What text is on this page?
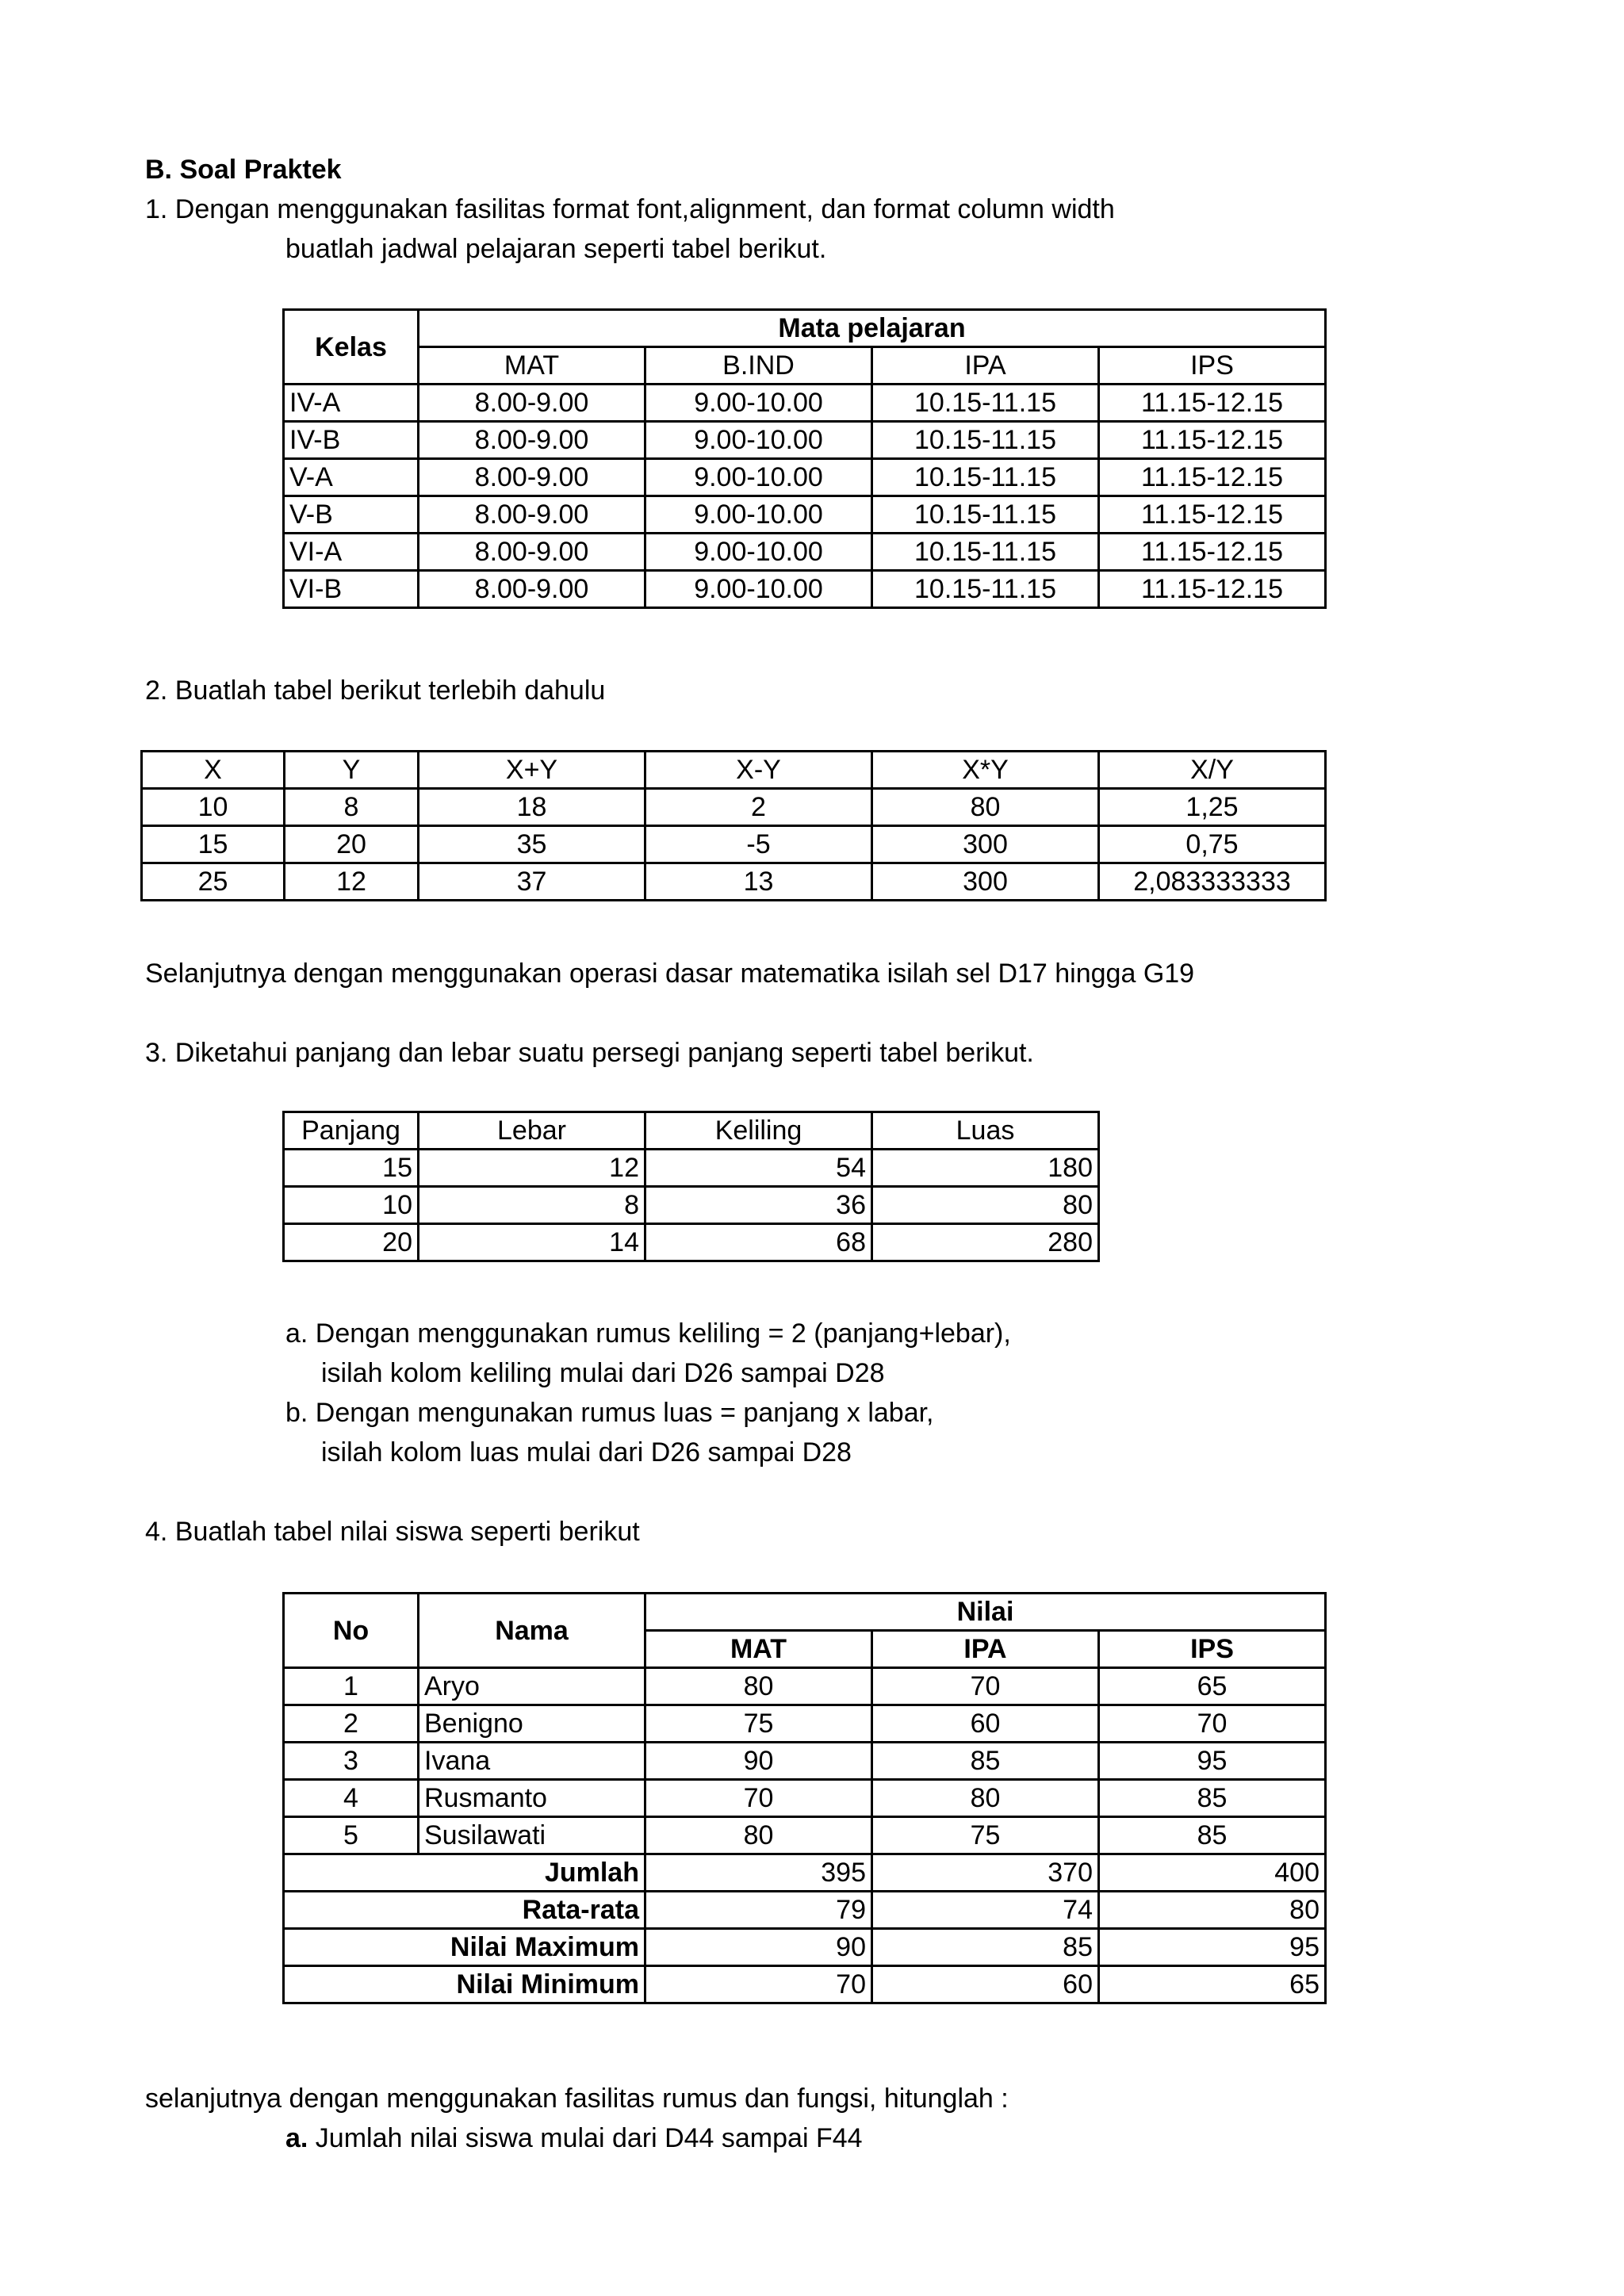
B. Soal Praktek
1. Dengan menggunakan fasilitas format font,alignment, dan format column width
buatlah jadwal pelajaran seperti tabel berikut.
Kelas	Mata pelajaran			
	MAT	B.IND	IPA	IPS
IV-A	8.00-9.00	9.00-10.00	10.15-11.15	11.15-12.15
IV-B	8.00-9.00	9.00-10.00	10.15-11.15	11.15-12.15
V-A	8.00-9.00	9.00-10.00	10.15-11.15	11.15-12.15
V-B	8.00-9.00	9.00-10.00	10.15-11.15	11.15-12.15
VI-A	8.00-9.00	9.00-10.00	10.15-11.15	11.15-12.15
VI-B	8.00-9.00	9.00-10.00	10.15-11.15	11.15-12.15
2. Buatlah tabel berikut terlebih dahulu
X	Y	X+Y	X-Y	X*Y	X/Y
10	8	18	2	80	1,25
15	20	35	-5	300	0,75
25	12	37	13	300	2,083333333
Selanjutnya dengan menggunakan operasi dasar matematika isilah sel D17 hingga G19
3. Diketahui panjang dan lebar suatu persegi panjang seperti tabel berikut.
Panjang	Lebar	Keliling	Luas
15	12	54	180
10	8	36	80
20	14	68	280
a. Dengan menggunakan rumus keliling = 2 (panjang+lebar),
isilah kolom keliling mulai dari D26 sampai D28
b. Dengan mengunakan rumus luas = panjang x labar,
isilah kolom luas mulai dari D26 sampai D28
4. Buatlah tabel nilai siswa seperti berikut
No	Nama	Nilai		
		MAT	IPA	IPS
1	Aryo	80	70	65
2	Benigno	75	60	70
3	Ivana	90	85	95
4	Rusmanto	70	80	85
5	Susilawati	80	75	85
Jumlah		395	370	400
Rata-rata		79	74	80
Nilai Maximum		90	85	95
Nilai Minimum		70	60	65
selanjutnya dengan menggunakan fasilitas rumus dan fungsi, hitunglah :
a. Jumlah nilai siswa mulai dari D44 sampai F44
